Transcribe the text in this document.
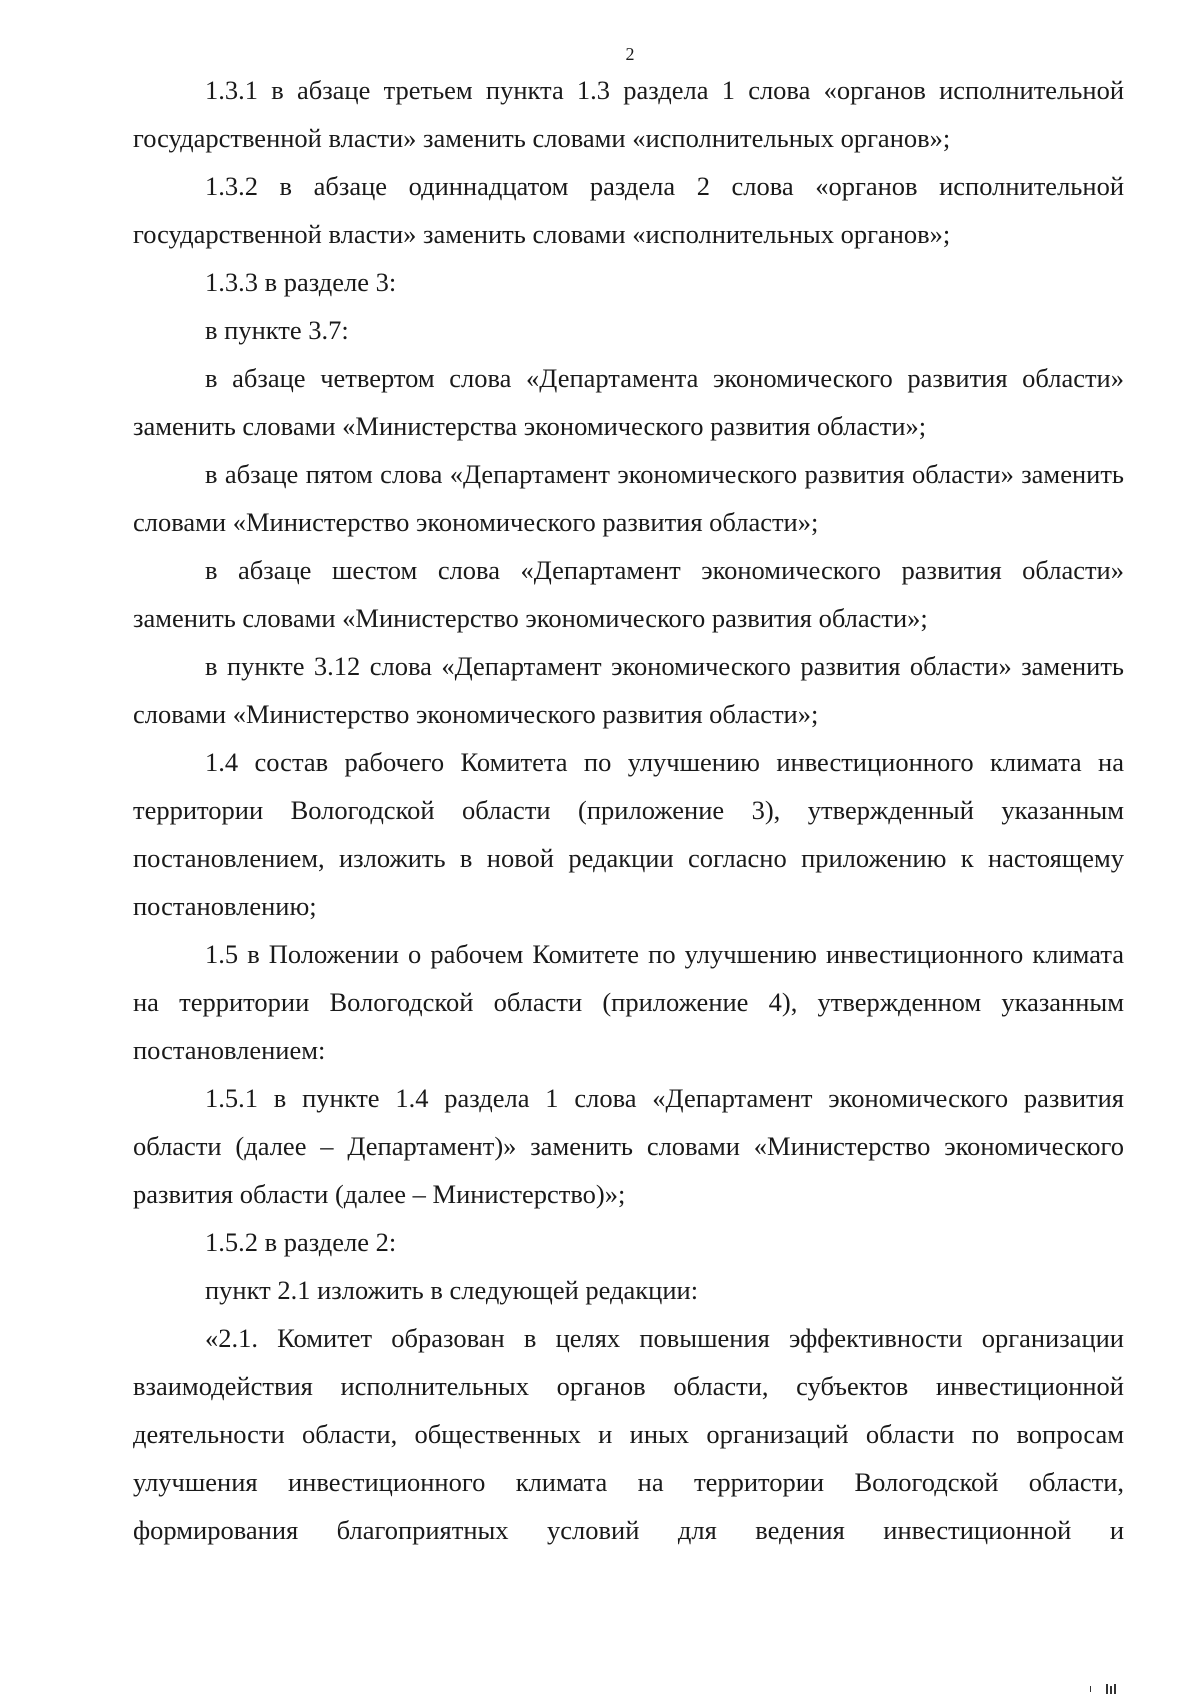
2

1.3.1 в абзаце третьем пункта 1.3 раздела 1 слова «органов исполнительной государственной власти» заменить словами «исполнительных органов»;

1.3.2 в абзаце одиннадцатом раздела 2 слова «органов исполнительной государственной власти» заменить словами «исполнительных органов»;

1.3.3 в разделе 3:

в пункте 3.7:

в абзаце четвертом слова «Департамента экономического развития области» заменить словами «Министерства экономического развития области»;

в абзаце пятом слова «Департамент экономического развития области» заменить словами «Министерство экономического развития области»;

в абзаце шестом слова «Департамент экономического развития области» заменить словами «Министерство экономического развития области»;

в пункте 3.12 слова «Департамент экономического развития области» заменить словами «Министерство экономического развития области»;

1.4 состав рабочего Комитета по улучшению инвестиционного климата на территории Вологодской области (приложение 3), утвержденный указанным постановлением, изложить в новой редакции согласно приложению к настоящему постановлению;

1.5 в Положении о рабочем Комитете по улучшению инвестиционного климата на территории Вологодской области (приложение 4), утвержденном указанным постановлением:

1.5.1 в пункте 1.4 раздела 1 слова «Департамент экономического развития области (далее – Департамент)» заменить словами «Министерство экономического развития области (далее – Министерство)»;

1.5.2 в разделе 2:

пункт 2.1 изложить в следующей редакции:

«2.1. Комитет образован в целях повышения эффективности организации взаимодействия исполнительных органов области, субъектов инвестиционной деятельности области, общественных и иных организаций области по вопросам улучшения инвестиционного климата на территории Вологодской области, формирования благоприятных условий для ведения инвестиционной и
